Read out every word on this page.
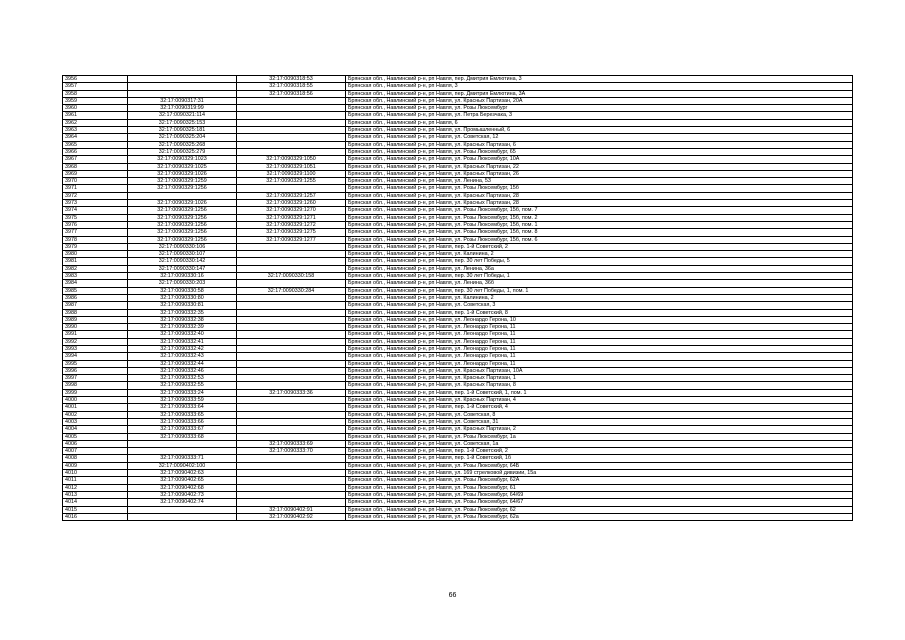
3956		32:17:0090318:53	Брянская обл., Навлинский р-н, рп Навля, пер. Дмитрия Емлютина, 3
3957		32:17:0090318:55	Брянская обл., Навлинский р-н, рп Навля, 3
3958		32:17:0090318:56	Брянская обл., Навлинский р-н, рп Навля, пер. Дмитрия Емлютина, 3А
3959	32:17:0090317:31		Брянская обл., Навлинский р-н, рп Навля, ул. Красных Партизан, 20А
3960	32:17:0090319:99		Брянская обл., Навлинский р-н, рп Навля, ул. Розы Люксембург
3961	32:17:0090321:114		Брянская обл., Навлинский р-н, рп Навля, ул. Петра Березчака, 3
3962	32:17:0090325:153		Брянская обл., Навлинский р-н, рп Навля, 6
3963	32:17:0090325:181		Брянская обл., Навлинский р-н, рп Навля, ул. Промышленный, 6
3964	32:17:0090325:204		Брянская обл., Навлинский р-н, рп Навля, ул. Советская, 12
3965	32:17:0090325:268		Брянская обл., Навлинский р-н, рп Навля, ул. Красных Партизан, 6
3966	32:17:0090325:279		Брянская обл., Навлинский р-н, рп Навля, ул. Розы Люксембург, 65
3967	32:17:0090329:1023	32:17:0090329:1050	Брянская обл., Навлинский р-н, рп Навля, ул. Розы Люксембург, 10А
3968	32:17:0090329:1025	32:17:0090329:1051	Брянская обл., Навлинский р-н, рп Навля, ул. Красных Партизан, 22
3969	32:17:0090329:1026	32:17:0090329:1100	Брянская обл., Навлинский р-н, рп Навля, ул. Красных Партизан, 26
3970	32:17:0090329:1259	32:17:0090329:1255	Брянская обл., Навлинский р-н, рп Навля, ул. Ленина, 53
3971	32:17:0090329:1256		Брянская обл., Навлинский р-н, рп Навля, ул. Розы Люксембург, 15б
3972		32:17:0090329:1257	Брянская обл., Навлинский р-н, рп Навля, ул. Красных Партизан, 28
3973	32:17:0090329:1026	32:17:0090329:1260	Брянская обл., Навлинский р-н, рп Навля, ул. Красных Партизан, 28
3974	32:17:0090329:1256	32:17:0090329:1270	Брянская обл., Навлинский р-н, рп Навля, ул. Розы Люксембург, 15б, пом. 7
3975	32:17:0090329:1256	32:17:0090329:1271	Брянская обл., Навлинский р-н, рп Навля, ул. Розы Люксембург, 15б, пом. 2
3976	32:17:0090329:1256	32:17:0090329:1272	Брянская обл., Навлинский р-н, рп Навля, ул. Розы Люксембург, 15б, пом. 1
3977	32:17:0090329:1256	32:17:0090329:1275	Брянская обл., Навлинский р-н, рп Навля, ул. Розы Люксембург, 15б, пом. 8
3978	32:17:0090329:1256	32:17:0090329:1277	Брянская обл., Навлинский р-н, рп Навля, ул. Розы Люксембург, 15б, пом. 6
3979	32:17:0090330:106		Брянская обл., Навлинский р-н, рп Навля, пер. 1-й Советский, 2
3980	32:17:0090330:107		Брянская обл., Навлинский р-н, рп Навля, ул. Калинина, 2
3981	32:17:0090330:142		Брянская обл., Навлинский р-н, рп Навля, пер. 30 лет Победы, 5
3982	32:17:0090330:147		Брянская обл., Навлинский р-н, рп Навля, ул. Ленина, 36а
3983	32:17:0090330:16	32:17:0090330:158	Брянская обл., Навлинский р-н, рп Навля, пер. 30 лет Победы, 1
3984	32:17:0090330:203		Брянская обл., Навлинский р-н, рп Навля, ул. Ленина, 36б
3985	32:17:0090330:58	32:17:0090330:284	Брянская обл., Навлинский р-н, рп Навля, пер. 30 лет Победы, 1, пом. 1
3986	32:17:0090330:80		Брянская обл., Навлинский р-н, рп Навля, ул. Калинина, 2
3987	32:17:0090330:81		Брянская обл., Навлинский р-н, рп Навля, ул. Советская, 3
3988	32:17:0090332:35		Брянская обл., Навлинский р-н, рп Навля, пер. 1-й Советский, 8
3989	32:17:0090332:38		Брянская обл., Навлинский р-н, рп Навля, ул. Леонардо Герона, 10
3990	32:17:0090332:39		Брянская обл., Навлинский р-н, рп Навля, ул. Леонардо Герона, 11
3991	32:17:0090332:40		Брянская обл., Навлинский р-н, рп Навля, ул. Леонардо Герона, 11
3992	32:17:0090332:41		Брянская обл., Навлинский р-н, рп Навля, ул. Леонардо Герона, 11
3993	32:17:0090332:42		Брянская обл., Навлинский р-н, рп Навля, ул. Леонардо Герона, 11
3994	32:17:0090332:43		Брянская обл., Навлинский р-н, рп Навля, ул. Леонардо Герона, 11
3995	32:17:0090332:44		Брянская обл., Навлинский р-н, рп Навля, ул. Леонардо Герона, 11
3996	32:17:0090332:46		Брянская обл., Навлинский р-н, рп Навля, ул. Красных Партизан, 10А
3997	32:17:0090332:53		Брянская обл., Навлинский р-н, рп Навля, ул. Красных Партизан, 1
3998	32:17:0090332:55		Брянская обл., Навлинский р-н, рп Навля, ул. Красных Партизан, 8
3999	32:17:0090333:24	32:17:0090333:36	Брянская обл., Навлинский р-н, рп Навля, пер. 1-й Советский, 1, пом. 1
4000	32:17:0090333:59		Брянская обл., Навлинский р-н, рп Навля, ул. Красных Партизан, 4
4001	32:17:0090333:64		Брянская обл., Навлинский р-н, рп Навля, пер. 1-й Советский, 4
4002	32:17:0090333:65		Брянская обл., Навлинский р-н, рп Навля, ул. Советская, 8
4003	32:17:0090333:66		Брянская обл., Навлинский р-н, рп Навля, ул. Советская, 31
4004	32:17:0090333:67		Брянская обл., Навлинский р-н, рп Навля, ул. Красных Партизан, 2
4005	32:17:0090333:68		Брянская обл., Навлинский р-н, рп Навля, ул. Розы Люксембург, 1а
4006		32:17:0090333:69	Брянская обл., Навлинский р-н, рп Навля, ул. Советская, 1а
4007		32:17:0090333:70	Брянская обл., Навлинский р-н, рп Навля, пер. 1-й Советский, 2
4008	32:17:0090333:71		Брянская обл., Навлинский р-н, рп Навля, пер. 1-й Советский, 1б
4009	32:17:0090402:100		Брянская обл., Навлинский р-н, рп Навля, ул. Розы Люксембург, 64Б
4010	32:17:0090402:63		Брянская обл., Навлинский р-н, рп Навля, ул. 169 стрелковой дивизии, 15а
4011	32:17:0090402:65		Брянская обл., Навлинский р-н, рп Навля, ул. Розы Люксембург, 62А
4012	32:17:0090402:68		Брянская обл., Навлинский р-н, рп Навля, ул. Розы Люксембург, 61
4013	32:17:0090402:73		Брянская обл., Навлинский р-н, рп Навля, ул. Розы Люксембург, 64/69
4014	32:17:0090402:74		Брянская обл., Навлинский р-н, рп Навля, ул. Розы Люксембург, 64/67
4015		32:17:0090402:91	Брянская обл., Навлинский р-н, рп Навля, ул. Розы Люксембург, 62
4016		32:17:0090402:92	Брянская обл., Навлинский р-н, рп Навля, ул. Розы Люксембург, 62а
66
